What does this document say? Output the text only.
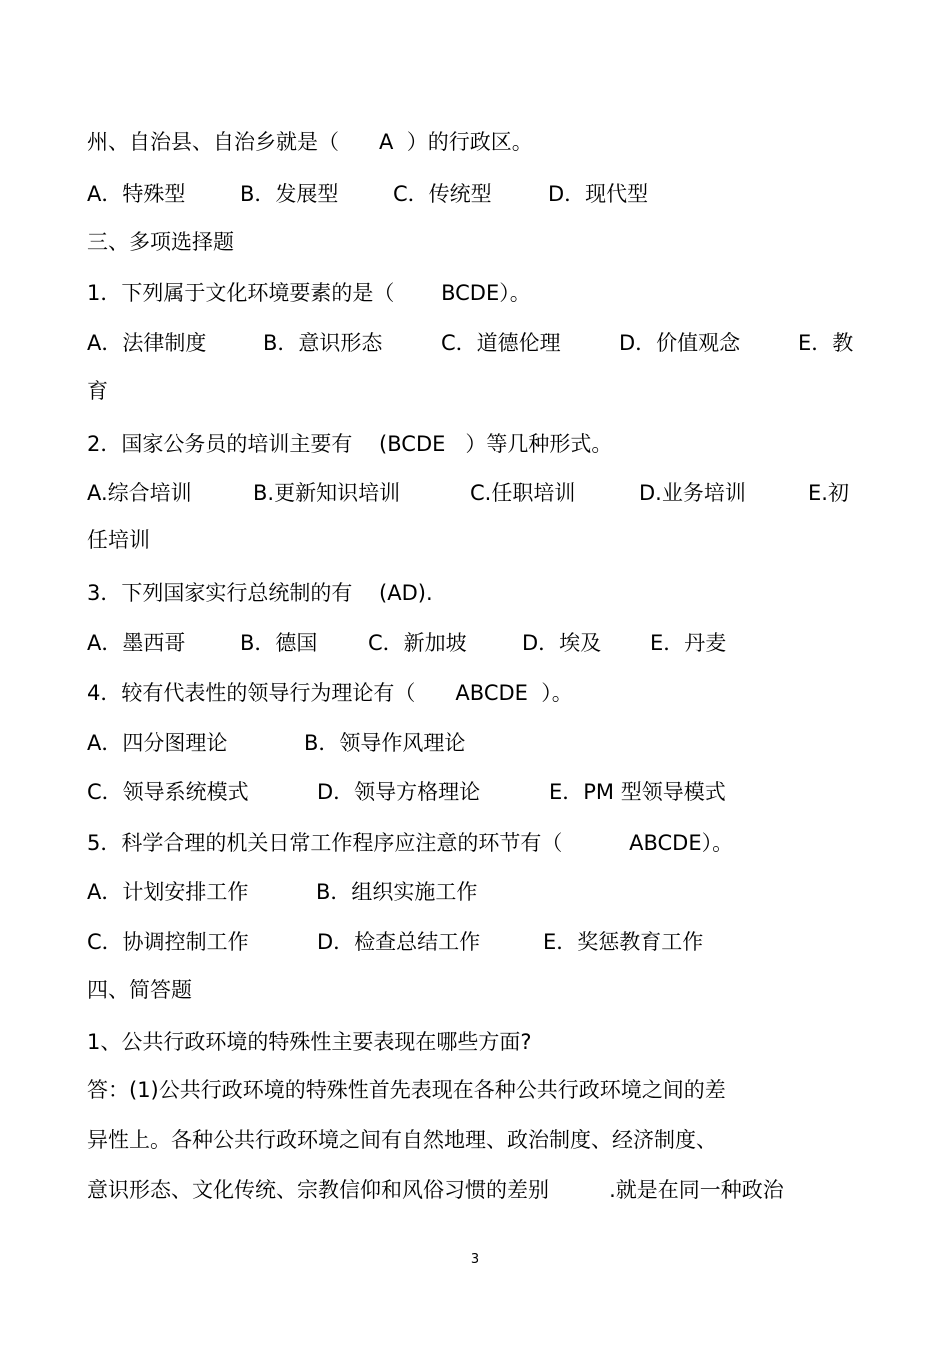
州、自治县、自治乡就是（      A  ）的行政区。
A．特殊型	B．发展型	C．传统型	D．现代型
三、多项选择题
1．下列属于文化环境要素的是（       BCDE）。
A．法律制度	B．意识形态	C．道德伦理	D．价值观念	E．教
育
2．国家公务员的培训主要有    (BCDE   ）等几种形式。
A.综合培训	B.更新知识培训	C.任职培训	D.业务培训	E.初
任培训
3．下列国家实行总统制的有    (AD).
A．墨西哥	B．德国 C．新加坡	D．埃及 E．丹麦
4．较有代表性的领导行为理论有（      ABCDE  ）。
A．四分图理论	B．领导作风理论
C．领导系统模式	D．领导方格理论	E．PM 型领导模式
5．科学合理的机关日常工作程序应注意的环节有（          ABCDE）。
A．计划安排工作	B．组织实施工作
C．协调控制工作	D．检查总结工作	E．奖惩教育工作
四、简答题
1、公共行政环境的特殊性主要表现在哪些方面?
答：(1)公共行政环境的特殊性首先表现在各种公共行政环境之间的差
异性上。各种公共行政环境之间有自然地理、政治制度、经济制度、
意识形态、文化传统、宗教信仰和风俗习惯的差别         .就是在同一种政治
3
